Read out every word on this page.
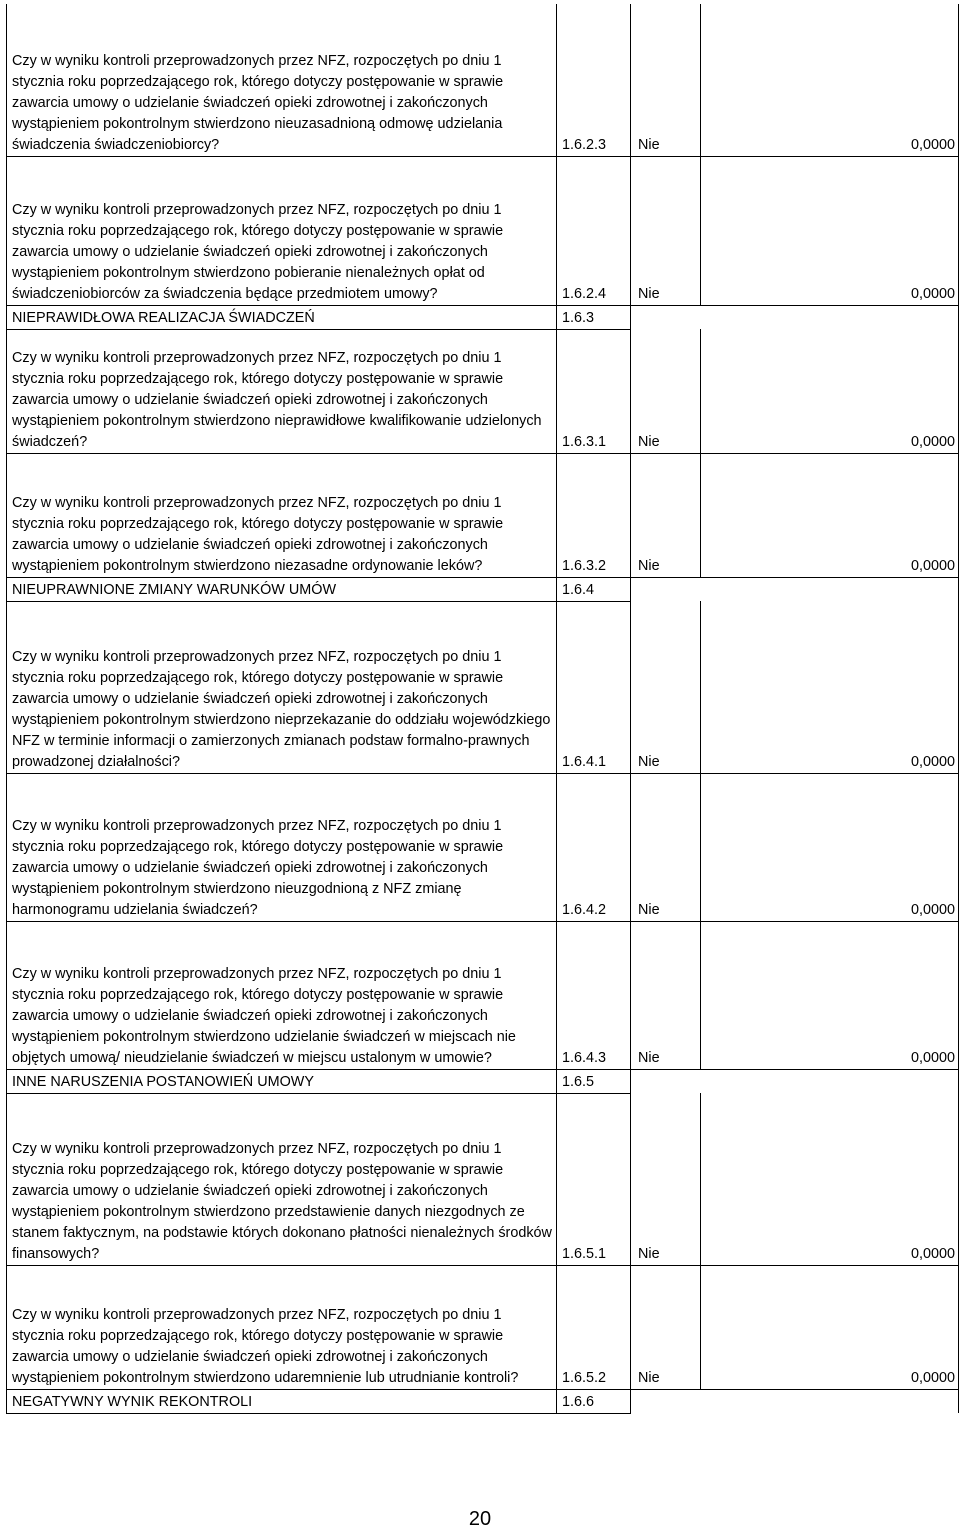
Czy w wyniku kontroli przeprowadzonych przez NFZ, rozpoczętych po dniu 1 stycznia roku poprzedzającego rok, którego dotyczy postępowanie w sprawie zawarcia umowy o udzielanie świadczeń opieki zdrowotnej i zakończonych wystąpieniem pokontrolnym stwierdzono nieuzasadnioną odmowę udzielania świadczenia świadczeniobiorcy?	1.6.2.3	Nie	0,0000
Czy w wyniku kontroli przeprowadzonych przez NFZ, rozpoczętych po dniu 1 stycznia roku poprzedzającego rok, którego dotyczy postępowanie w sprawie zawarcia umowy o udzielanie świadczeń opieki zdrowotnej i zakończonych wystąpieniem pokontrolnym stwierdzono pobieranie nienależnych opłat od świadczeniobiorców za świadczenia będące przedmiotem umowy?	1.6.2.4	Nie	0,0000
NIEPRAWIDŁOWA REALIZACJA ŚWIADCZEŃ	1.6.3		
Czy w wyniku kontroli przeprowadzonych przez NFZ, rozpoczętych po dniu 1 stycznia roku poprzedzającego rok, którego dotyczy postępowanie w sprawie zawarcia umowy o udzielanie świadczeń opieki zdrowotnej i zakończonych wystąpieniem pokontrolnym stwierdzono nieprawidłowe kwalifikowanie udzielonych świadczeń?	1.6.3.1	Nie	0,0000
Czy w wyniku kontroli przeprowadzonych przez NFZ, rozpoczętych po dniu 1 stycznia roku poprzedzającego rok, którego dotyczy postępowanie w sprawie zawarcia umowy o udzielanie świadczeń opieki zdrowotnej i zakończonych wystąpieniem pokontrolnym stwierdzono niezasadne ordynowanie leków?	1.6.3.2	Nie	0,0000
NIEUPRAWNIONE ZMIANY WARUNKÓW UMÓW	1.6.4		
Czy w wyniku kontroli przeprowadzonych przez NFZ, rozpoczętych po dniu 1 stycznia roku poprzedzającego rok, którego dotyczy postępowanie w sprawie zawarcia umowy o udzielanie świadczeń opieki zdrowotnej i zakończonych wystąpieniem pokontrolnym stwierdzono nieprzekazanie do oddziału wojewódzkiego NFZ w terminie informacji o zamierzonych zmianach podstaw formalno-prawnych prowadzonej działalności?	1.6.4.1	Nie	0,0000
Czy w wyniku kontroli przeprowadzonych przez NFZ, rozpoczętych po dniu 1 stycznia roku poprzedzającego rok, którego dotyczy postępowanie w sprawie zawarcia umowy o udzielanie świadczeń opieki zdrowotnej i zakończonych wystąpieniem pokontrolnym stwierdzono nieuzgodnioną z NFZ zmianę harmonogramu udzielania świadczeń?	1.6.4.2	Nie	0,0000
Czy w wyniku kontroli przeprowadzonych przez NFZ, rozpoczętych po dniu 1 stycznia roku poprzedzającego rok, którego dotyczy postępowanie w sprawie zawarcia umowy o udzielanie świadczeń opieki zdrowotnej i zakończonych wystąpieniem pokontrolnym stwierdzono udzielanie świadczeń w miejscach nie objętych umową/ nieudzielanie świadczeń w miejscu ustalonym w umowie?	1.6.4.3	Nie	0,0000
INNE NARUSZENIA POSTANOWIEŃ UMOWY	1.6.5		
Czy w wyniku kontroli przeprowadzonych przez NFZ, rozpoczętych po dniu 1 stycznia roku poprzedzającego rok, którego dotyczy postępowanie w sprawie zawarcia umowy o udzielanie świadczeń opieki zdrowotnej i zakończonych wystąpieniem pokontrolnym stwierdzono przedstawienie danych niezgodnych ze stanem faktycznym, na podstawie których dokonano płatności nienależnych środków finansowych?	1.6.5.1	Nie	0,0000
Czy w wyniku kontroli przeprowadzonych przez NFZ, rozpoczętych po dniu 1 stycznia roku poprzedzającego rok, którego dotyczy postępowanie w sprawie zawarcia umowy o udzielanie świadczeń opieki zdrowotnej i zakończonych wystąpieniem pokontrolnym stwierdzono udaremnienie lub utrudnianie kontroli?	1.6.5.2	Nie	0,0000
NEGATYWNY WYNIK REKONTROLI	1.6.6		
20
